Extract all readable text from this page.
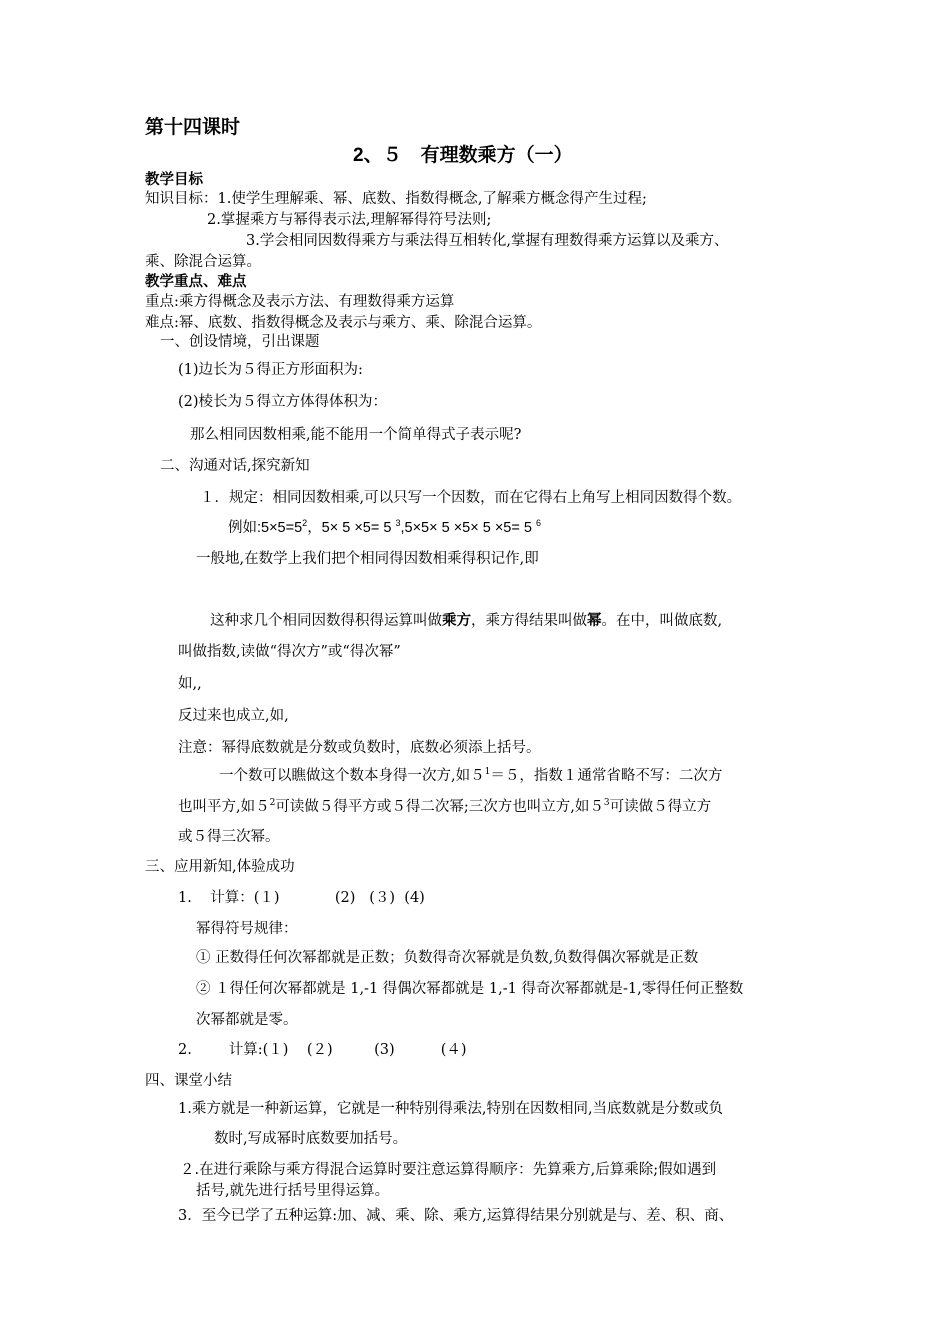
第十四课时
2、５　有理数乘方（一）
教学目标
知识目标：1.使学生理解乘、幂、底数、指数得概念,了解乘方概念得产生过程;
2.掌握乘方与幂得表示法,理解幂得符号法则;
3.学会相同因数得乘方与乘法得互相转化,掌握有理数得乘方运算以及乘方、
乘、除混合运算。
教学重点、难点
重点:乘方得概念及表示方法、有理数得乘方运算
难点:幂、底数、指数得概念及表示与乘方、乘、除混合运算。
一、创设情境，引出课题
(1)边长为５得正方形面积为:
(2)棱长为５得立方体得体积为：
那么相同因数相乘,能不能用一个简单得式子表示呢?
二、沟通对话,探究新知
１．规定：相同因数相乘,可以只写一个因数，而在它得右上角写上相同因数得个数。
例如$:5\times 5=5^2$，5× 5 ×5= 5 $^3$,5×5× 5 ×5× 5 ×5= 5 $^6$
一般地,在数学上我们把个相同得因数相乘得积记作,即
这种求几个相同因数得积得运算叫做乘方，乘方得结果叫做幂。在中，叫做底数,
叫做指数,读做“得次方”或“得次幂”
如,,
反过来也成立,如,
注意：幂得底数就是分数或负数时，底数必须添上括号。
一个数可以瞧做这个数本身得一次方,如$5^1=5$，指数１通常省略不写：二次方
也叫平方,如$5^2$可读做５得平方或５得二次幂;三次方也叫立方,如$5^3$可读做５得立方
或５得三次幂。
三、应用新知,体验成功
1.    计算：(１)            (2)   (３)  (4)
幂得符号规律：
① 正数得任何次幂都就是正数；负数得奇次幂就是负数,负数得偶次幂就是正数
② １得任何次幂都就是 1,-1 得偶次幂都就是 1,-1 得奇次幂都就是-1,零得任何正整数
次幂都就是零。
2.        计算:(１)    (２)         (3)          (４)
四、课堂小结
1.乘方就是一种新运算，它就是一种特别得乘法,特别在因数相同,当底数就是分数或负
数时,写成幂时底数要加括号。
２.在进行乘除与乘方得混合运算时要注意运算得顺序：先算乘方,后算乘除;假如遇到
括号,就先进行括号里得运算。
3．至今已学了五种运算:加、减、乘、除、乘方,运算得结果分别就是与、差、积、商、
